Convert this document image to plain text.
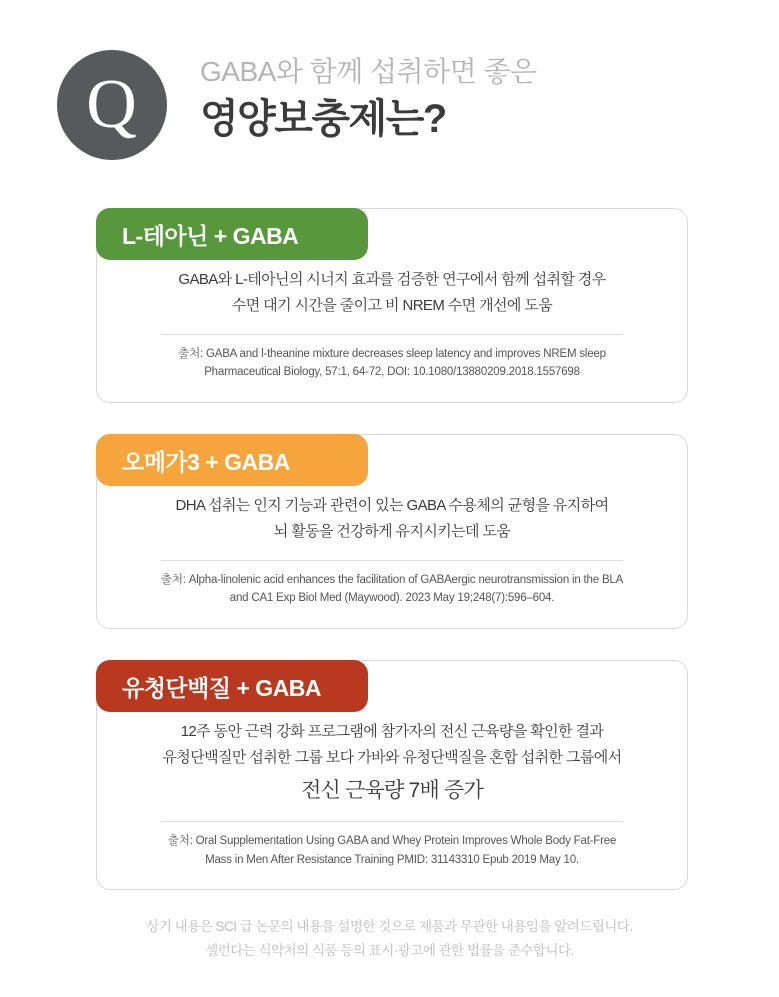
Q	GABA와 함께 섭취하면 좋은
영양보충제는?
L-테아닌 + GABA
GABA와 L-테아닌의 시너지 효과를 검증한 연구에서 함께 섭취할 경우
수면 대기 시간을 줄이고 비 NREM 수면 개선에 도움
출처: GABA and l-theanine mixture decreases sleep latency and improves NREM sleep
Pharmaceutical Biology, 57:1, 64-72, DOI: 10.1080/13880209.2018.1557698
오메가3 + GABA
DHA 섭취는 인지 기능과 관련이 있는 GABA 수용체의 균형을 유지하여
뇌 활동을 건강하게 유지시키는데 도움
출처: Alpha-linolenic acid enhances the facilitation of GABAergic neurotransmission in the BLA
and CA1 Exp Biol Med (Maywood). 2023 May 19;248(7):596–604.
유청단백질 + GABA
12주 동안 근력 강화 프로그램에 참가자의 전신 근육량을 확인한 결과
유청단백질만 섭취한 그룹 보다 가바와 유청단백질을 혼합 섭취한 그룹에서
전신 근육량 7배 증가
출처: Oral Supplementation Using GABA and Whey Protein Improves Whole Body Fat-Free
Mass in Men After Resistance Training PMID: 31143310 Epub 2019 May 10.
상기 내용은 SCI 급 논문의 내용을 설명한 것으로 제품과 무관한 내용임을 알려드립니다.
셀런다는 식약처의 식품 등의 표시·광고에 관한 법률을 준수합니다.
